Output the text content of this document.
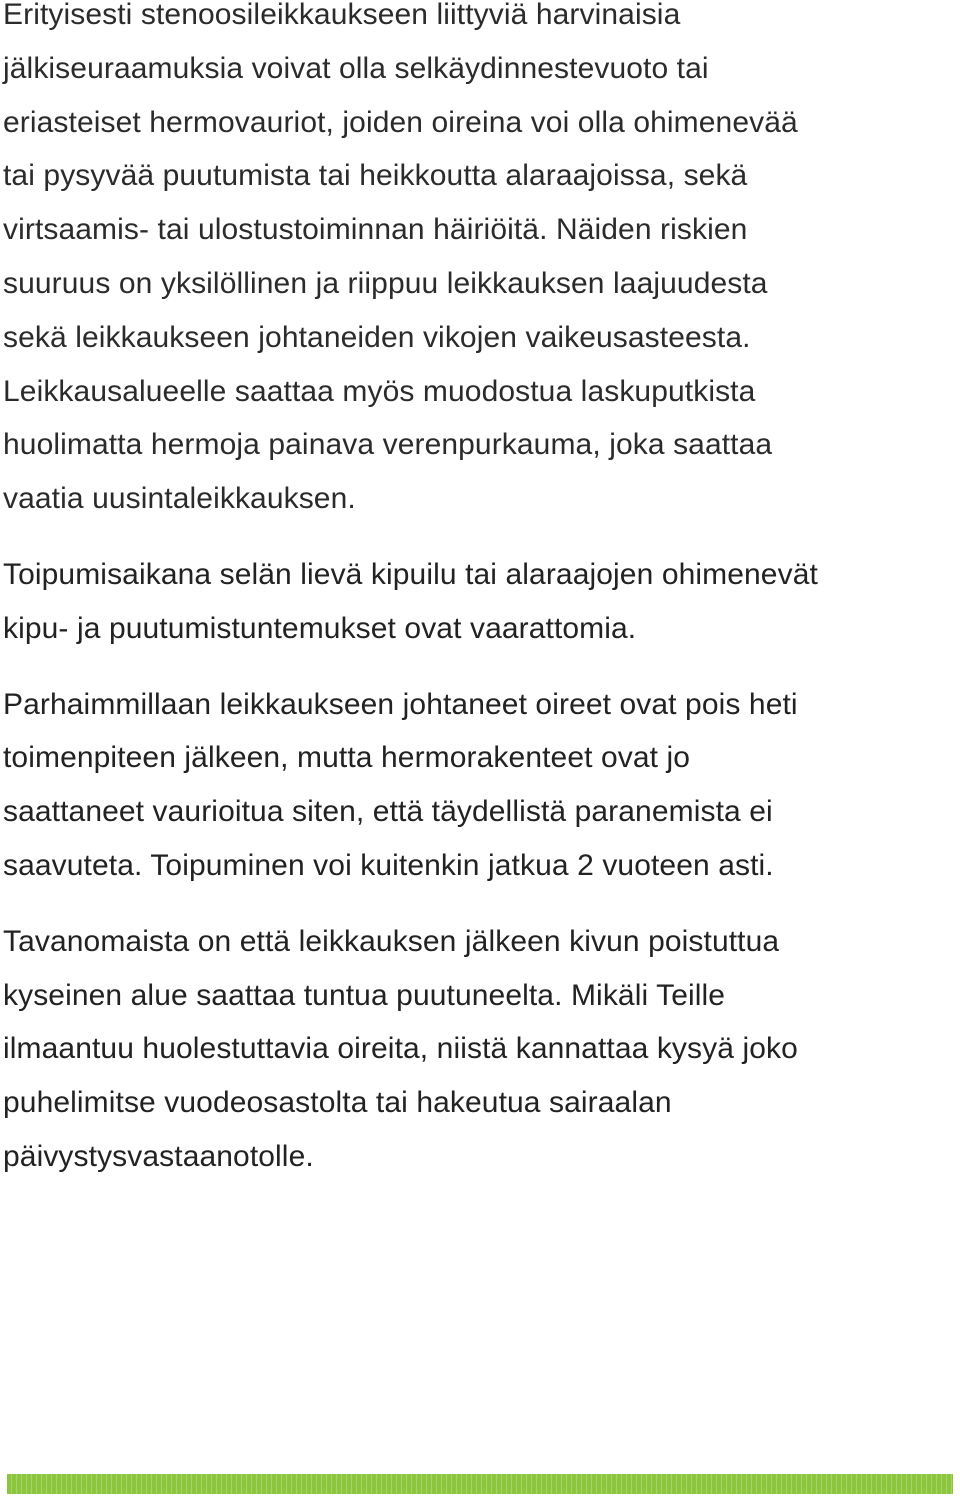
Erityisesti stenoosileikkaukseen liittyviä harvinaisia
jälkiseuraamuksia voivat olla selkäydinnestevuoto tai
eriasteiset hermovauriot, joiden oireina voi olla ohimenevää
tai pysyvää puutumista tai heikkoutta alaraajoissa, sekä
virtsaamis- tai ulostustoiminnan häiriöitä. Näiden riskien
suuruus on yksilöllinen ja riippuu leikkauksen laajuudesta
sekä leikkaukseen johtaneiden vikojen vaikeusasteesta.
Leikkausalueelle saattaa myös muodostua laskuputkista
huolimatta hermoja painava verenpurkauma, joka saattaa
vaatia uusintaleikkauksen.

Toipumisaikana selän lievä kipuilu tai alaraajojen ohimenevät
kipu- ja puutumistuntemukset ovat vaarattomia.

Parhaimmillaan leikkaukseen johtaneet oireet ovat pois heti
toimenpiteen jälkeen, mutta hermorakenteet ovat jo
saattaneet vaurioitua siten, että täydellistä paranemista ei
saavuteta. Toipuminen voi kuitenkin jatkua 2 vuoteen asti.

Tavanomaista on että leikkauksen jälkeen kivun poistuttua
kyseinen alue saattaa tuntua puutuneelta. Mikäli Teille
ilmaantuu huolestuttavia oireita, niistä kannattaa kysyä joko
puhelimitse vuodeosastolta tai hakeutua sairaalan
päivystysvastaanotolle.
